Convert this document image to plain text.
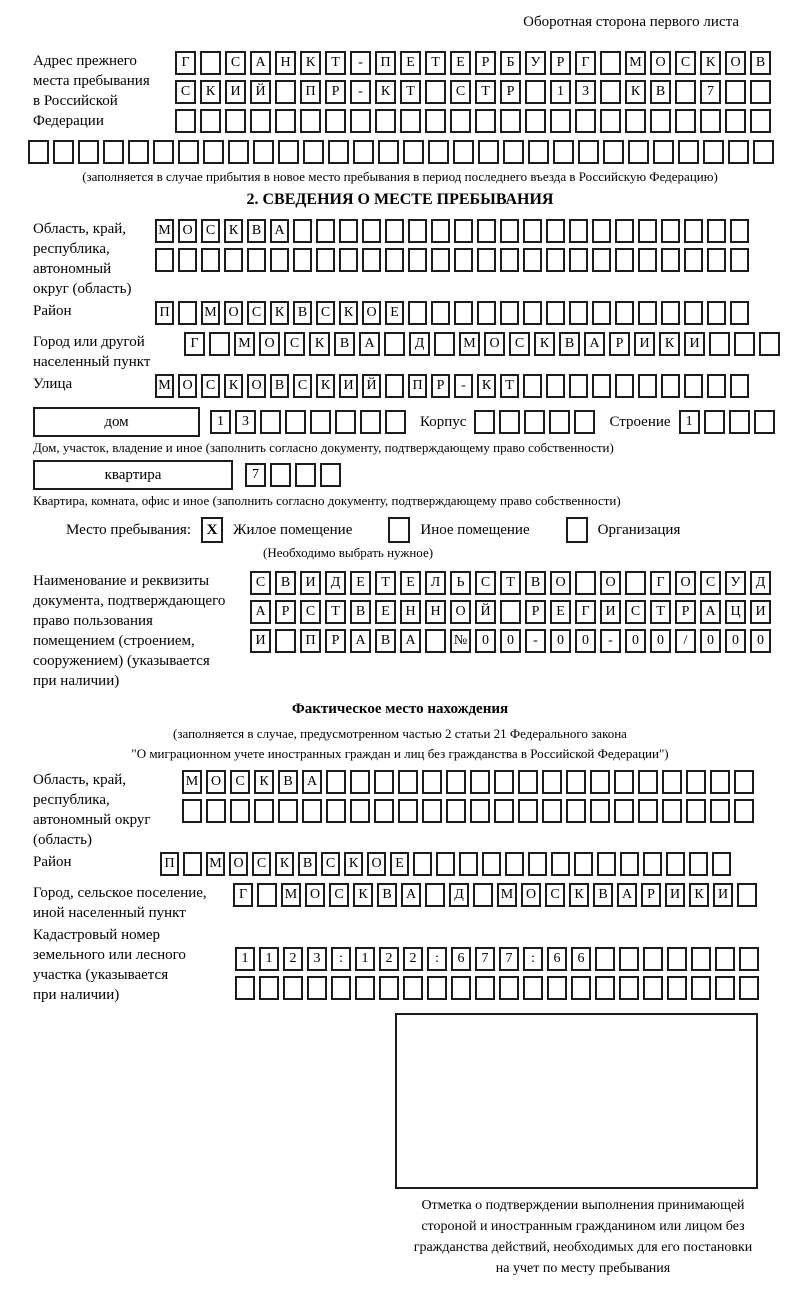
Оборотная сторона первого листа
Адрес прежнего
места пребывания
в Российской
Федерации
Г	С	А	Н	К	Т	-	П	Е	Т	Е	Р	Б	У	Р	Г	М О	С	К	О	В
С	К	И	Й	П	Р	-	К	Т	С	Т	Р	1	3	К	В	7
(заполняется в случае прибытия в новое место пребывания в период последнего въезда в Российскую Федерацию)
2. СВЕДЕНИЯ О МЕСТЕ ПРЕБЫВАНИЯ
Область, край,
республика,
автономный
округ (область)
М О С К В А
Район	П	М О С К В С К О Е
Город или другой
населенный пункт
Г	М О	С	К	В	А	Д	М О	С	К	В	А	Р	И	К	И
Улица	М О С К О В С К И Й	П	Р	-	К	Т
дом	1	3	Корпус	Строение	1
Дом, участок, владение и иное (заполнить согласно документу, подтверждающему право собственности)
квартира	7
Квартира, комната, офис и иное (заполнить согласно документу, подтверждающему право собственности)
Место пребывания:	X	Жилое помещение	Иное помещение	Организация
(Необходимо выбрать нужное)
Наименование и реквизиты
документа, подтверждающего
право пользования
помещением (строением,
сооружением) (указывается
при наличии)
С	В	И	Д	Е	Т	Е	Л	Ь	С	Т	В	О	О	Г	О	С	У	Д
А	Р	С	Т	В	Е	Н	Н	О	Й	Р	Е	Г	И	С	Т	Р	А	Ц	И
И	П	Р	А	В	А	№	0	0	-	0	0	-	0	0	/	0	0	0
Фактическое место нахождения
(заполняется в случае, предусмотренном частью 2 статьи 21 Федерального закона
"О миграционном учете иностранных граждан и лиц без гражданства в Российской Федерации")
Область, край,
республика,
автономный округ
(область)
М О	С	К	В	А
Район	П	М О С К В С К О Е
Город, сельское поселение,
иной населенный пункт
Г	М О	С	К	В	А	Д	М О	С	К	В	А	Р	И	К	И
Кадастровый номер
земельного или лесного
участка (указывается
при наличии)
1	1	2	3	:	1	2	2	:	6	7	7	:	6	6
Отметка о подтверждении выполнения принимающей
стороной и иностранным гражданином или лицом без
гражданства действий, необходимых для его постановки
на учет по месту пребывания
